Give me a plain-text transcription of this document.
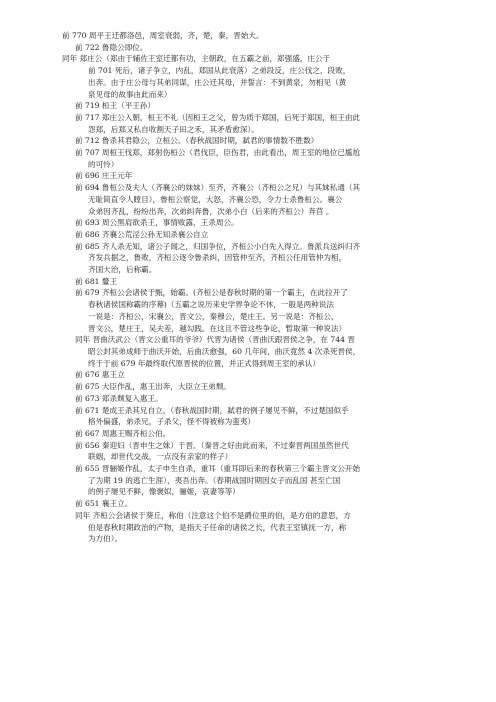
前 770 周平王迁都洛邑，周室衰弱，齐，楚，秦，晋始大。
前 722 鲁隐公即位。
同年 郑庄公（郑由于辅佐王室迁都有功，主朝政，在五霸之前，郑强盛，庄公于
前 701 死后，诸子争立，内乱，郑国从此衰落）之弟段反，庄公伐之，段败，
出奔。由于庄公母与其弟同谋，庄公迁其母，并誓言：不到黄泉，勿相见（黄
泉见母的故事由此而来）
前 719 桓王（平王孙）
前 717 郑庄公入朝，桓王不礼（因桓王之父，曾为质于郑国，后死于郑国，桓王由此
怨郑，后郑又私自收割天子田之禾，其矛盾愈深）。
前 712 鲁杀其君隐公，立桓公。（春秋战国时期，弑君的事情数不胜数）
前 707 周桓王伐郑，郑射伤桓公（君伐臣，臣伤君，由此看出，周王室的地位已尴尬
的可怜）
前 696 庄王元年
前 694 鲁桓公及夫人（齐襄公的妹妹）至齐，齐襄公（齐桓公之兄）与其妹私通（其
无耻简直令人瞠目），鲁桓公察觉，大怒，齐襄公恐，令力士杀鲁桓公。襄公
众弟因齐乱，纷纷出奔，次弟纠奔鲁，次弟小白（后来的齐桓公）奔莒 。
前 693 周公黑肩欲杀王，事情败露，王杀周公。
前 686 齐襄公荒淫公孙无知杀襄公自立
前 685 齐人杀无知，诸公子闻之，归国争位，齐桓公小白先入得立。鲁派兵送纠归齐
齐发兵据之，鲁败，齐桓公逐令鲁杀纠，因管仲至齐，齐桓公任用管仲为相，
齐国大治，后称霸。
前 681 釐王
前 679 齐桓公会诸侯于甄，始霸。(齐桓公是春秋时期的第一个霸主，在此拉开了
春秋诸侯国称霸的序幕)（五霸之说历来史学界争论不休，一般是两种说法
一说是：齐桓公，宋襄公，晋文公，秦穆公，楚庄王。另一说是：齐桓公，
晋文公，楚庄王，吴夫差，越勾践。在这且不管这些争论，暂取第一种说法）
同年 晋曲沃武公（晋文公重耳的爷爷）代晋为诸侯（晋曲沃跟晋侯之争，在 744 晋
昭公封其弟成师于曲沃开始，后曲沃愈强，60 几年间，曲沃竟然 4 次杀死晋侯，
终于于前 679 年最终取代原晋侯的位置，并正式得到周王室的承认）
前 676 惠王立
前 675 大臣作乱，惠王出奔，大臣立王弟颓。
前 673 郑杀颓复入惠王。
前 671 楚成王杀其兄自立。（春秋战国时期，弑君的例子屡见不鲜，不过楚国似乎
格外偏盛，弟杀兄，子杀父，怪不得被称为蛮夷）
前 667 周惠王赐齐桓公伯。
前 656 秦迎妇（晋申生之妹）于晋。（秦晋之好由此而来，不过秦晋两国虽然世代
联姻，却世代交战，一点没有亲家的样子）
前 655 晋骊姬作乱，太子申生自杀，重耳（重耳即后来的春秋第三个霸主晋文公开始
了为期 19 的逃亡生涯），夷吾出奔。（春期战国时期因女子而乱国 甚至亡国
的例子屡见不鲜，像褒姒，骊姬，哀妻等等）
前 651 襄王立。
同年 齐桓公会诸侯于葵丘，称伯（注意这个伯不是爵位里的伯，是方伯的意思，方
伯是春秋时期政治的产物，是指天子任命的诸侯之长，代表王室镇抚一方，称
为方伯）。
